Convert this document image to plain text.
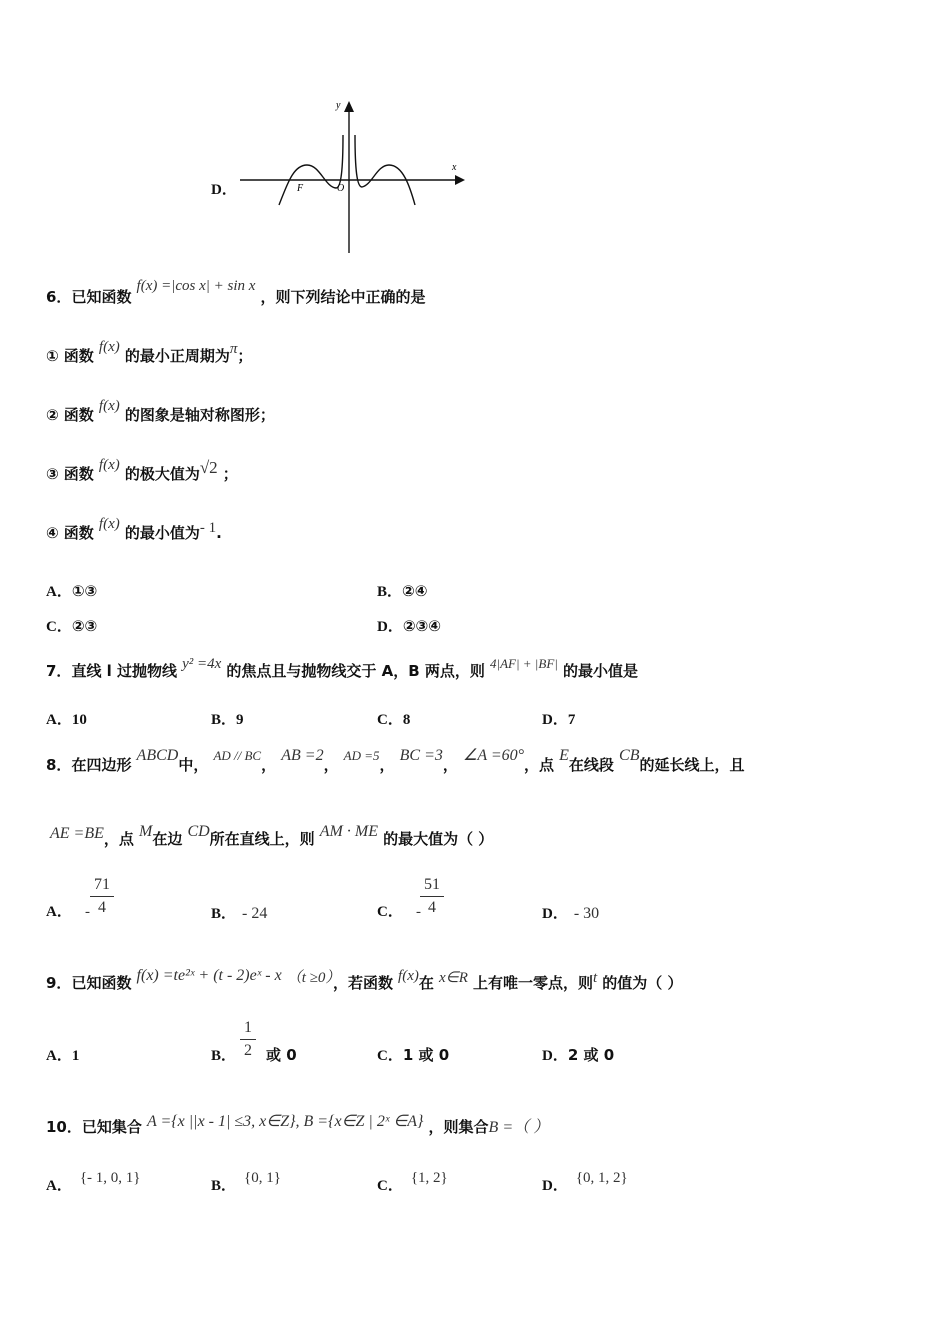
D．
x
y
O
F
6．已知函数 f(x) =|cos x| + sin x ，则下列结论中正确的是
① 函数 f(x) 的最小正周期为π；
② 函数 f(x) 的图象是轴对称图形；
③ 函数 f(x) 的极大值为√2 ；
④ 函数 f(x) 的最小值为- 1.
A．①③	B．②④
C．②③	D．②③④
7．直线 l 过抛物线 y² =4x 的焦点且与抛物线交于 A，B 两点，则 $^{4|AF| + |BF|}$ 的最小值是
A．10	B．9	C．8	D．7
8．在四边形 ABCD中， $^{AD // BC}$， AB =2， $^{AD =5}$， BC =3， ∠A =60°，点 E在线段 CB的延长线上，且
AE =BE，点 M在边 CD所在直线上，则 AM · ME 的最大值为（ ）
A． -
71
4	B． - 24	C． -
51
4	D． - 30
9．已知函数 f(x) =te²ˣ + (t - 2)eˣ - x （t ≥0），若函数 f(x)在 x∈R 上有唯一零点，则t 的值为（ ）
A．1	B． 或 0
1
2	C．1 或 0	D．2 或 0
10．已知集合 A ={x ||x - 1| ≤3, x∈Z}, B ={x∈Z | 2ˣ ∈A} ，则集合B =（ ）
A． {- 1, 0, 1}	B． {0, 1}	C． {1, 2}	D． {0, 1, 2}
